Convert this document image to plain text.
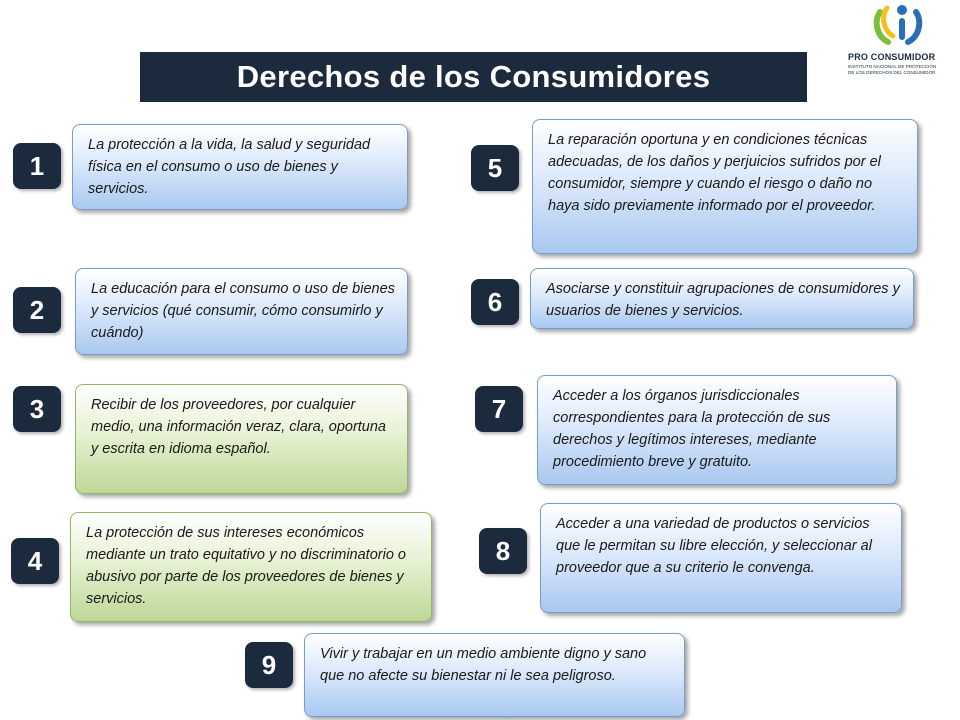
Derechos de los Consumidores
PRO CONSUMIDOR
INSTITUTO NACIONAL DE PROTECCIÓN
DE LOS DERECHOS DEL CONSUMIDOR
1
La protección a la vida, la salud y seguridad física en el consumo o uso de bienes y servicios.
2
La educación para el consumo o uso de bienes y servicios (qué consumir, cómo consumirlo y cuándo)
3	Recibir de los proveedores, por cualquier medio, una información veraz, clara, oportuna y escrita en idioma español.
4
La protección de sus intereses económicos mediante un trato equitativo y no discriminatorio o abusivo por parte de los proveedores de bienes y servicios.
5
La reparación oportuna y en condiciones técnicas adecuadas, de los daños y perjuicios sufridos por el consumidor, siempre y cuando el riesgo o daño no haya sido previamente informado por el proveedor.
6	Asociarse y constituir agrupaciones de consumidores y usuarios de bienes y servicios.
7	Acceder a los órganos jurisdiccionales correspondientes para la protección de sus derechos y legítimos intereses, mediante procedimiento breve y gratuito.
8
Acceder a una variedad de productos o servicios que le permitan su libre elección, y seleccionar al proveedor que a su criterio le convenga.
9	Vivir y trabajar en un medio ambiente digno y sano que no afecte su bienestar ni le sea peligroso.
